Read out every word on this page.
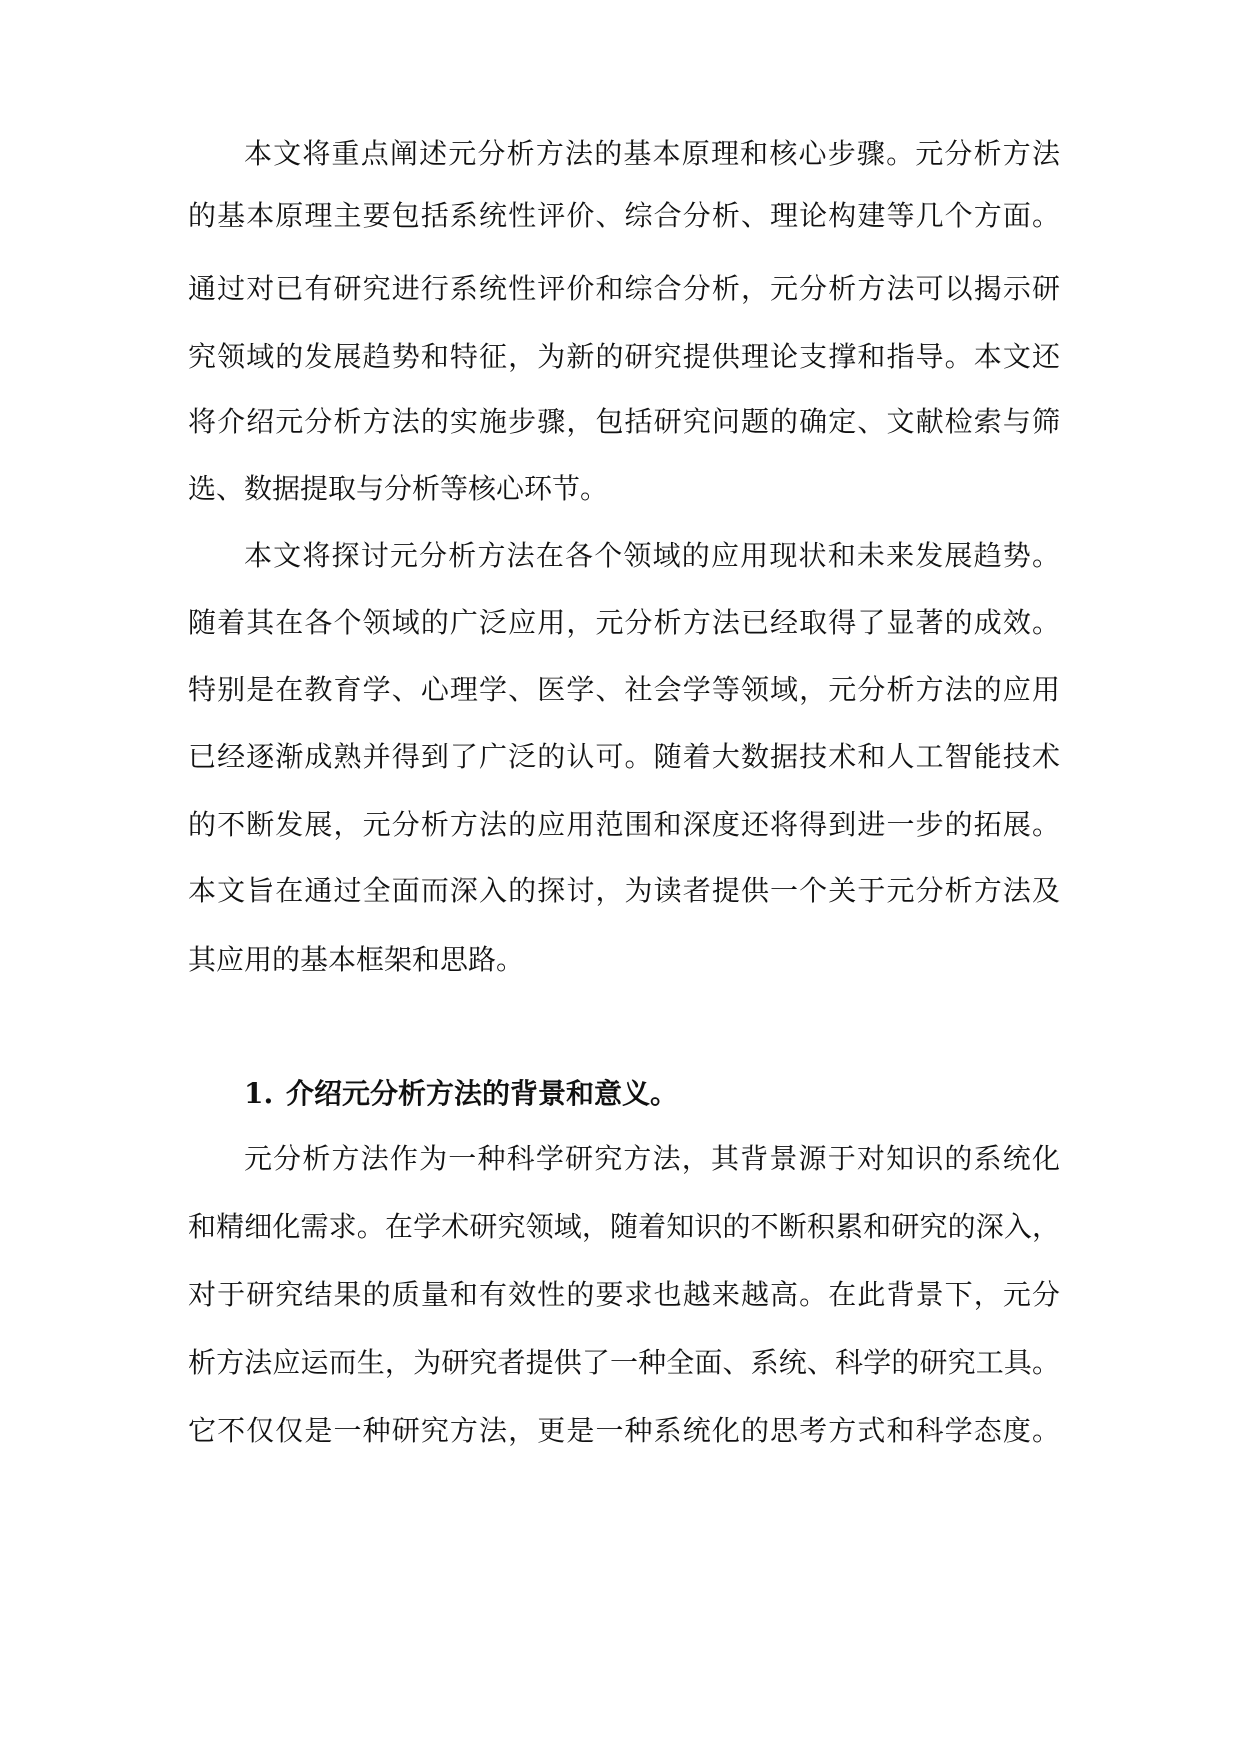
本文将重点阐述元分析方法的基本原理和核心步骤。元分析方法
的基本原理主要包括系统性评价、综合分析、理论构建等几个方面。
通过对已有研究进行系统性评价和综合分析，元分析方法可以揭示研
究领域的发展趋势和特征，为新的研究提供理论支撑和指导。本文还
将介绍元分析方法的实施步骤，包括研究问题的确定、文献检索与筛
选、数据提取与分析等核心环节。
本文将探讨元分析方法在各个领域的应用现状和未来发展趋势。
随着其在各个领域的广泛应用，元分析方法已经取得了显著的成效。
特别是在教育学、心理学、医学、社会学等领域，元分析方法的应用
已经逐渐成熟并得到了广泛的认可。随着大数据技术和人工智能技术
的不断发展，元分析方法的应用范围和深度还将得到进一步的拓展。
本文旨在通过全面而深入的探讨，为读者提供一个关于元分析方法及
其应用的基本框架和思路。
1. 介绍元分析方法的背景和意义。
元分析方法作为一种科学研究方法，其背景源于对知识的系统化
和精细化需求。在学术研究领域，随着知识的不断积累和研究的深入，
对于研究结果的质量和有效性的要求也越来越高。在此背景下，元分
析方法应运而生，为研究者提供了一种全面、系统、科学的研究工具。
它不仅仅是一种研究方法，更是一种系统化的思考方式和科学态度。
